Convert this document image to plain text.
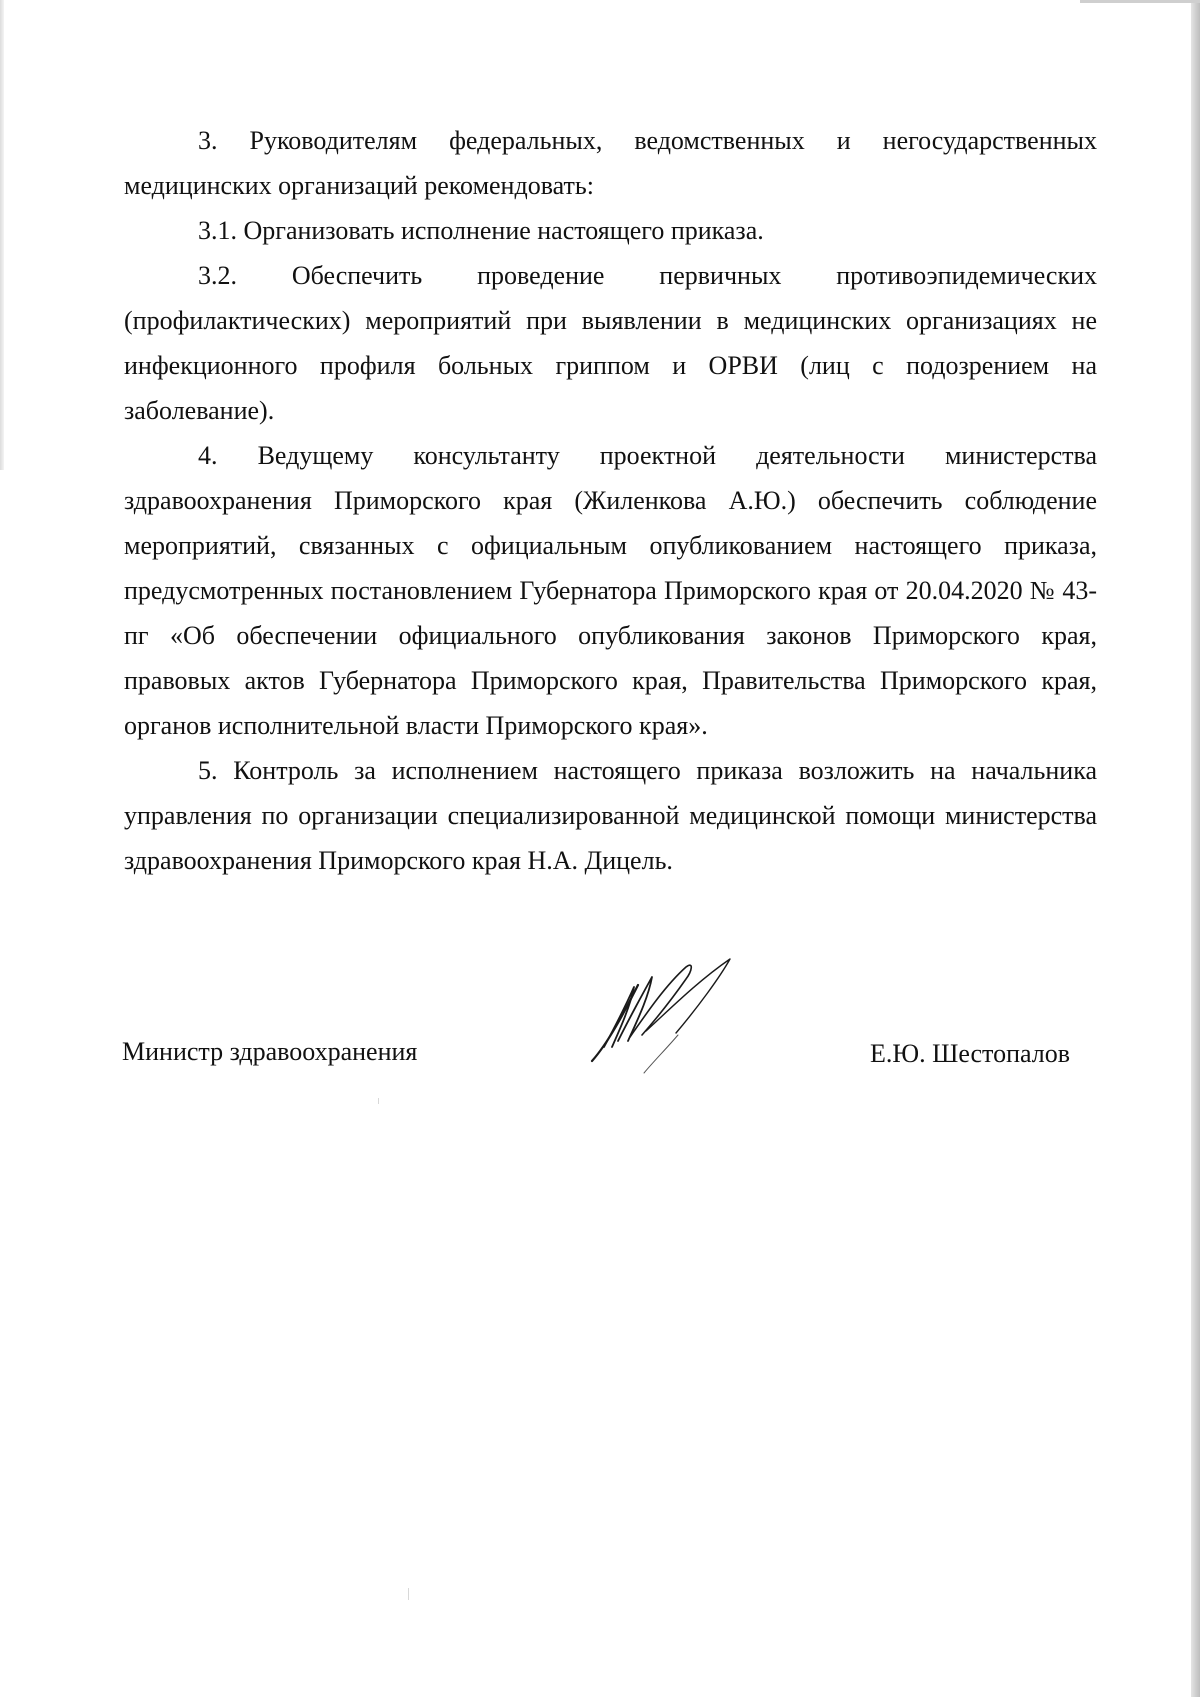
3. Руководителям федеральных, ведомственных и негосударственных медицинских организаций рекомендовать:

3.1. Организовать исполнение настоящего приказа.

3.2. Обеспечить проведение первичных противоэпидемических (профилактических) мероприятий при выявлении в медицинских организациях не инфекционного профиля больных гриппом и ОРВИ (лиц с подозрением на заболевание).

4. Ведущему консультанту проектной деятельности министерства здравоохранения Приморского края (Жиленкова А.Ю.) обеспечить соблюдение мероприятий, связанных с официальным опубликованием настоящего приказа, предусмотренных постановлением Губернатора Приморского края от 20.04.2020 № 43-пг «Об обеспечении официального опубликования законов Приморского края, правовых актов Губернатора Приморского края, Правительства Приморского края, органов исполнительной власти Приморского края».

5. Контроль за исполнением настоящего приказа возложить на начальника управления по организации специализированной медицинской помощи министерства здравоохранения Приморского края Н.А. Дицель.

Министр здравоохранения	Е.Ю. Шестопалов
